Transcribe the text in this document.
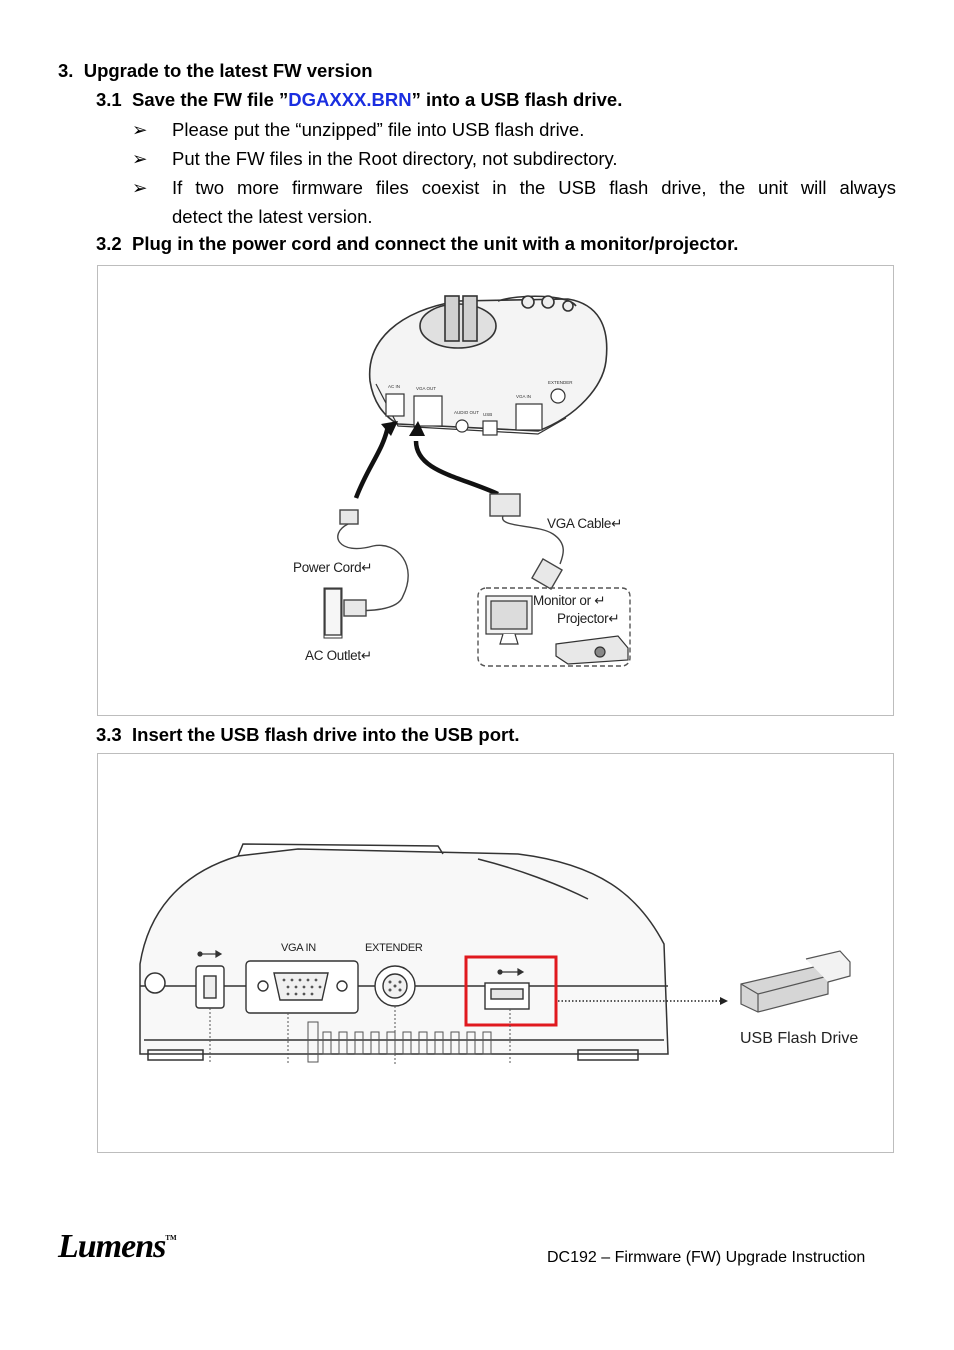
3. Upgrade to the latest FW version
3.1 Save the FW file ”DGAXXX.BRN” into a USB flash drive.
➢ Please put the “unzipped” file into USB flash drive.
➢ Put the FW files in the Root directory, not subdirectory.
➢ If two more firmware files coexist in the USB flash drive, the unit will always
detect the latest version.
3.2 Plug in the power cord and connect the unit with a monitor/projector.
AC IN	VGA OUT
AUDIO OUT USB
VGA IN
EXTENDER
VGA Cable↵
Power Cord↵
Monitor or ↵
Projector↵
AC Outlet↵
3.3 Insert the USB flash drive into the USB port.
VGA IN	EXTENDER
USB Flash Drive
Lumens™
DC192 – Firmware (FW) Upgrade Instruction
